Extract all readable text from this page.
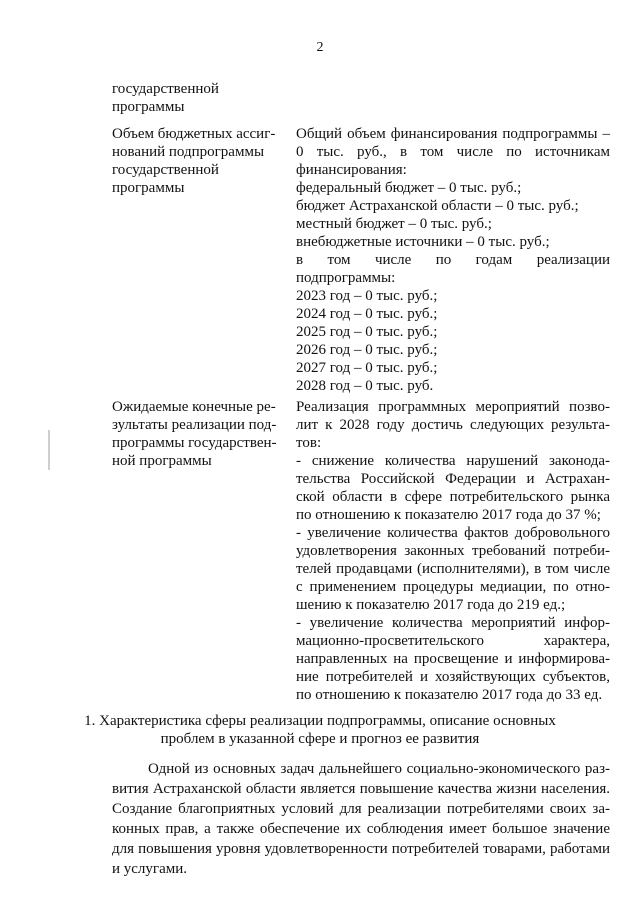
2
государственной
программы
Объем бюджетных ассиг-
нований подпрограммы
государственной
программы
Общий объем финансирования подпрограммы –
0 тыс. руб., в том числе по источникам
финансирования:
федеральный бюджет – 0 тыс. руб.;
бюджет Астраханской области – 0 тыс. руб.;
местный бюджет – 0 тыс. руб.;
внебюджетные источники – 0 тыс. руб.;
в том числе по годам реализации
подпрограммы:
2023 год – 0 тыс. руб.;
2024 год – 0 тыс. руб.;
2025 год – 0 тыс. руб.;
2026 год – 0 тыс. руб.;
2027 год – 0 тыс. руб.;
2028 год – 0 тыс. руб.
Ожидаемые конечные ре-
зультаты реализации под-
программы государствен-
ной программы
Реализация программных мероприятий позво-
лит к 2028 году достичь следующих результа-
тов:
- снижение количества нарушений законода-
тельства Российской Федерации и Астрахан-
ской области в сфере потребительского рынка
по отношению к показателю 2017 года до 37 %;
- увеличение количества фактов добровольного
удовлетворения законных требований потреби-
телей продавцами (исполнителями), в том числе
с применением процедуры медиации, по отно-
шению к показателю 2017 года до 219 ед.;
- увеличение количества мероприятий инфор-
мационно-просветительского характера,
направленных на просвещение и информирова-
ние потребителей и хозяйствующих субъектов,
по отношению к показателю 2017 года до 33 ед.
1. Характеристика сферы реализации подпрограммы, описание основных
проблем в указанной сфере и прогноз ее развития
Одной из основных задач дальнейшего социально-экономического раз-
вития Астраханской области является повышение качества жизни населения.
Создание благоприятных условий для реализации потребителями своих за-
конных прав, а также обеспечение их соблюдения имеет большое значение
для повышения уровня удовлетворенности потребителей товарами, работами
и услугами.
